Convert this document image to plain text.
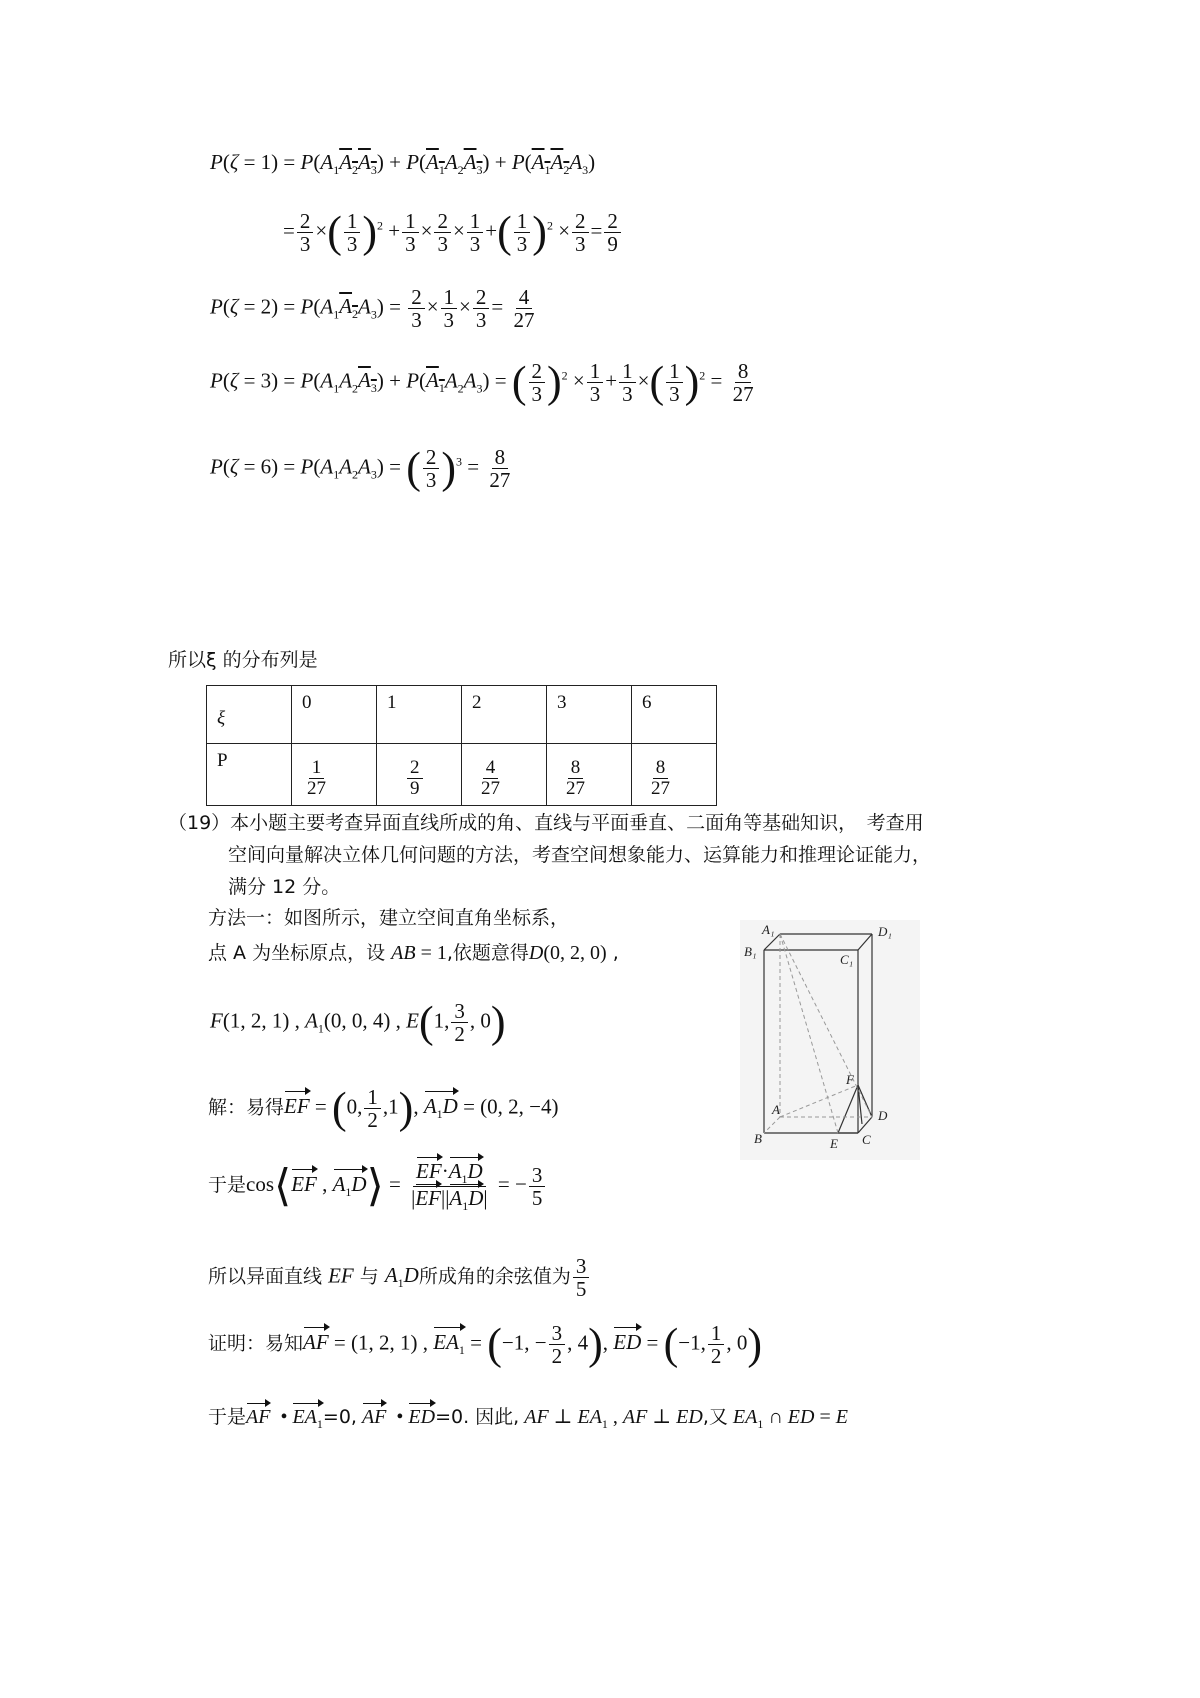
$P(\zeta = 1) = P(A_1A_2A_3) + P(A_1A_2A_3) + P(A_1A_2A_3)$
= $\frac{2}{3}$ ×( $\frac{1}{3} )^2 + \frac{1}{3} \times \frac{2}{3} \times \frac{1}{3}$ +( $\frac{1}{3} )^2 \times \frac{2}{3} = \frac{2}{9}$
$P(\zeta = 2) = P(A_1A_2A_3) = \frac{2}{3} \times \frac{1}{3} \times \frac{2}{3} = \frac{4}{27}$
$P(\zeta = 3) = P(A_1A_2A_3) + P(A_1A_2A_3)$ = ( $\frac{2}{3} )^2 \times \frac{1}{3} + \frac{1}{3}$ ×( $\frac{1}{3} )^2 = \frac{8}{27}$
$P(\zeta = 6) = P(A_1A_2A_3)$ = ( $\frac{2}{3} )^3 = \frac{8}{27}$
所以ξ 的分布列是
ξ	0	1	2	3	6
P	$\frac{1}{27}$	$\frac{2}{9}$	$\frac{4}{27}$	$\frac{8}{27}$	$\frac{8}{27}$
（19）本小题主要考查异面直线所成的角、直线与平面垂直、二面角等基础知识，　考查用
空间向量解决立体几何问题的方法，考查空间想象能力、运算能力和推理论证能力，
满分 12 分。
方法一：如图所示，建立空间直角坐标系，
点 A 为坐标原点，设 AB = 1,依题意得D(0, 2, 0) ,
F(1, 2, 1) , $A_1(0$, 0, 4) , E(1, $\frac{3}{2}$ , 0)
解：易得EF = (0, $\frac{1}{2} ,1$), $A_1D = (0$, 2, −4)
于是cos⟨EF , $A_1D⟩ = \frac{EF\cdot A_1D}{|EF||A_1D|}$ = − $\frac{3}{5}$
所以异面直线 EF 与 $A_1D$所成角的余弦值为 $\frac{3}{5}$
证明：易知AF = (1, 2, 1) , $EA_1 = (-1$, − $\frac{3}{2}$ , 4), ED = (−1, $\frac{1}{2}$ , 0)
于是AF  • $EA_1=0$, AF  • ED=0. 因此, AF ⊥ $EA_1$ , AF ⊥ ED,又 $EA_1$ ∩ ED = E
A₁	D₁
B₁
C₁
F
A	D
B	E C
